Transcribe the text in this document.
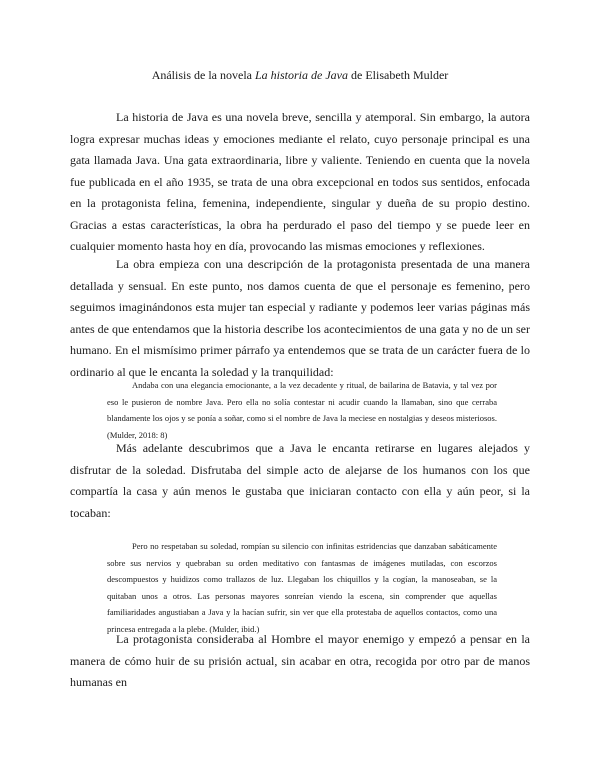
Análisis de la novela La historia de Java de Elisabeth Mulder

La historia de Java es una novela breve, sencilla y atemporal. Sin embargo, la autora logra expresar muchas ideas y emociones mediante el relato, cuyo personaje principal es una gata llamada Java. Una gata extraordinaria, libre y valiente. Teniendo en cuenta que la novela fue publicada en el año 1935, se trata de una obra excepcional en todos sus sentidos, enfocada en la protagonista felina, femenina, independiente, singular y dueña de su propio destino. Gracias a estas características, la obra ha perdurado el paso del tiempo y se puede leer en cualquier momento hasta hoy en día, provocando las mismas emociones y reflexiones.

La obra empieza con una descripción de la protagonista presentada de una manera detallada y sensual. En este punto, nos damos cuenta de que el personaje es femenino, pero seguimos imaginándonos esta mujer tan especial y radiante y podemos leer varias páginas más antes de que entendamos que la historia describe los acontecimientos de una gata y no de un ser humano. En el mismísimo primer párrafo ya entendemos que se trata de un carácter fuera de lo ordinario al que le encanta la soledad y la tranquilidad:

Andaba con una elegancia emocionante, a la vez decadente y ritual, de bailarina de Batavia, y tal vez por eso le pusieron de nombre Java. Pero ella no solía contestar ni acudir cuando la llamaban, sino que cerraba blandamente los ojos y se ponía a soñar, como si el nombre de Java la meciese en nostalgias y deseos misteriosos. (Mulder, 2018: 8)

Más adelante descubrimos que a Java le encanta retirarse en lugares alejados y disfrutar de la soledad. Disfrutaba del simple acto de alejarse de los humanos con los que compartía la casa y aún menos le gustaba que iniciaran contacto con ella y aún peor, si la tocaban:

Pero no respetaban su soledad, rompían su silencio con infinitas estridencias que danzaban sabáticamente sobre sus nervios y quebraban su orden meditativo con fantasmas de imágenes mutiladas, con escorzos descompuestos y huidizos como trallazos de luz. Llegaban los chiquillos y la cogían, la manoseaban, se la quitaban unos a otros. Las personas mayores sonreían viendo la escena, sin comprender que aquellas familiaridades angustiaban a Java y la hacían sufrir, sin ver que ella protestaba de aquellos contactos, como una princesa entregada a la plebe. (Mulder, ibid.)

La protagonista consideraba al Hombre el mayor enemigo y empezó a pensar en la manera de cómo huir de su prisión actual, sin acabar en otra, recogida por otro par de manos humanas en
